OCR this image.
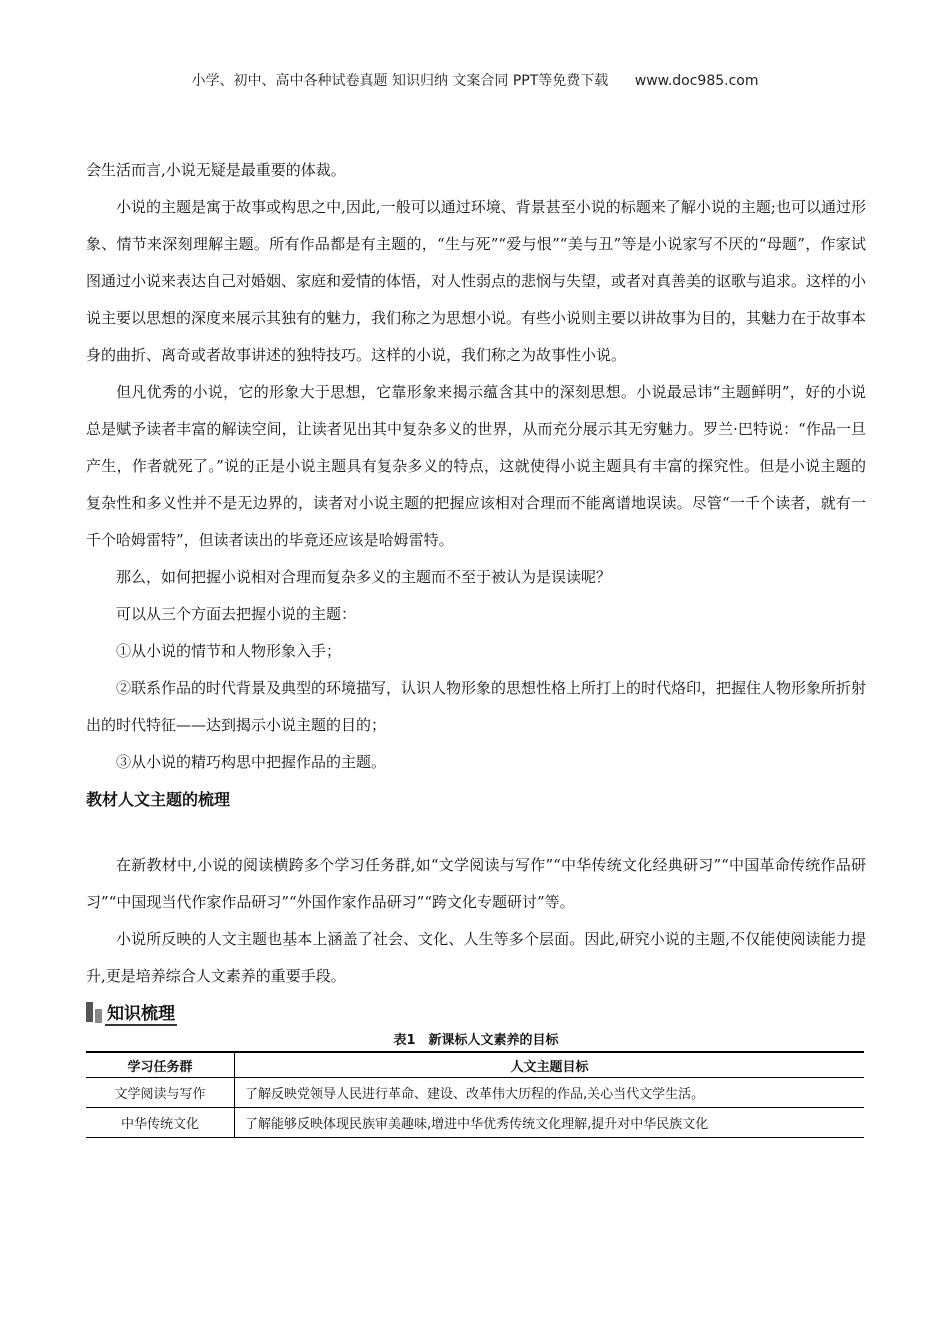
小学、初中、高中各种试卷真题 知识归纳 文案合同 PPT等免费下载 www.doc985.com

会生活而言,小说无疑是最重要的体裁。

小说的主题是寓于故事或构思之中,因此,一般可以通过环境、背景甚至小说的标题来了解小说的主题;也可以通过形象、情节来深刻理解主题。所有作品都是有主题的，“生与死”“爱与恨”“美与丑”等是小说家写不厌的“母题”，作家试图通过小说来表达自己对婚姻、家庭和爱情的体悟，对人性弱点的悲悯与失望，或者对真善美的讴歌与追求。这样的小说主要以思想的深度来展示其独有的魅力，我们称之为思想小说。有些小说则主要以讲故事为目的，其魅力在于故事本身的曲折、离奇或者故事讲述的独特技巧。这样的小说，我们称之为故事性小说。

但凡优秀的小说，它的形象大于思想，它靠形象来揭示蕴含其中的深刻思想。小说最忌讳“主题鲜明”，好的小说总是赋予读者丰富的解读空间，让读者见出其中复杂多义的世界，从而充分展示其无穷魅力。罗兰·巴特说：“作品一旦产生，作者就死了。”说的正是小说主题具有复杂多义的特点，这就使得小说主题具有丰富的探究性。但是小说主题的复杂性和多义性并不是无边界的，读者对小说主题的把握应该相对合理而不能离谱地误读。尽管“一千个读者，就有一千个哈姆雷特”，但读者读出的毕竟还应该是哈姆雷特。

那么，如何把握小说相对合理而复杂多义的主题而不至于被认为是误读呢？

可以从三个方面去把握小说的主题：

①从小说的情节和人物形象入手；

②联系作品的时代背景及典型的环境描写，认识人物形象的思想性格上所打上的时代烙印，把握住人物形象所折射出的时代特征——达到揭示小说主题的目的；

③从小说的精巧构思中把握作品的主题。

教材人文主题的梳理

在新教材中,小说的阅读横跨多个学习任务群,如“文学阅读与写作”“中华传统文化经典研习”“中国革命传统作品研习”“中国现当代作家作品研习”“外国作家作品研习”“跨文化专题研讨”等。

小说所反映的人文主题也基本上涵盖了社会、文化、人生等多个层面。因此,研究小说的主题,不仅能使阅读能力提升,更是培养综合人文素养的重要手段。

知识梳理
表1　新课标人文素养的目标
学习任务群	人文主题目标
文学阅读与写作	了解反映党领导人民进行革命、建设、改革伟大历程的作品,关心当代文学生活。
中华传统文化	了解能够反映体现民族审美趣味,增进中华优秀传统文化理解,提升对中华民族文化
